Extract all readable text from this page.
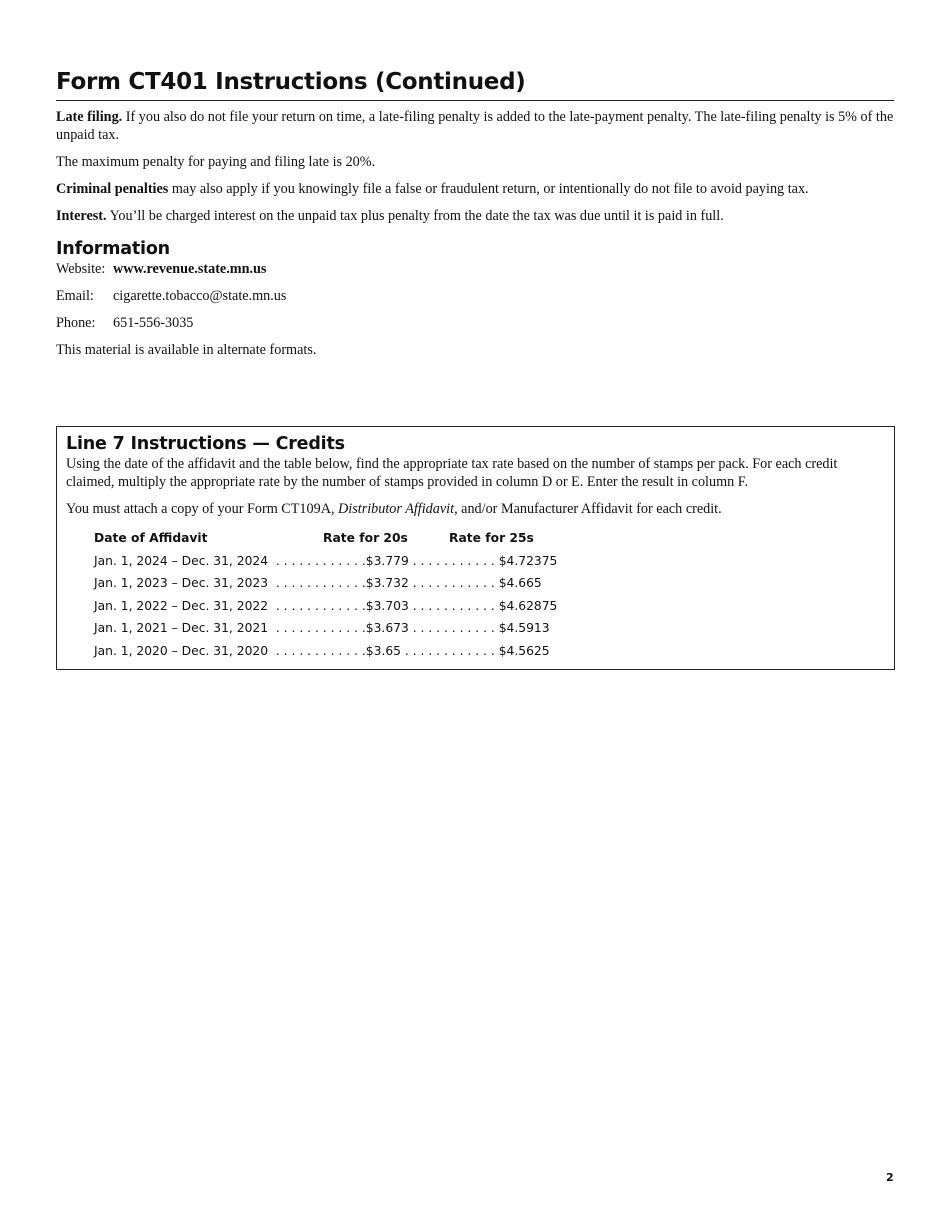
Form CT401 Instructions (Continued)

Late filing. If you also do not file your return on time, a late-filing penalty is added to the late-payment penalty. The late-filing penalty is 5% of the unpaid tax.

The maximum penalty for paying and filing late is 20%.

Criminal penalties may also apply if you knowingly file a false or fraudulent return, or intentionally do not file to avoid paying tax.

Interest. You’ll be charged interest on the unpaid tax plus penalty from the date the tax was due until it is paid in full.

Information
Website: www.revenue.state.mn.us
Email:	cigarette.tobacco@state.mn.us
Phone:	651-556-3035

This material is available in alternate formats.

Line 7 Instructions — Credits

Using the date of the affidavit and the table below, find the appropriate tax rate based on the number of stamps per pack. For each credit claimed, multiply the appropriate rate by the number of stamps provided in column D or E. Enter the result in column F.

You must attach a copy of your Form CT109A, Distributor Affidavit, and/or Manufacturer Affidavit for each credit.

Date of Affidavit	Rate for 20s	Rate for 25s
Jan. 1, 2024 – Dec. 31, 2024  . . . . . . . . . . . .$3.779 . . . . . . . . . . . $4.72375
Jan. 1, 2023 – Dec. 31, 2023  . . . . . . . . . . . .$3.732 . . . . . . . . . . . $4.665
Jan. 1, 2022 – Dec. 31, 2022  . . . . . . . . . . . .$3.703 . . . . . . . . . . . $4.62875
Jan. 1, 2021 – Dec. 31, 2021  . . . . . . . . . . . .$3.673 . . . . . . . . . . . $4.5913
Jan. 1, 2020 – Dec. 31, 2020  . . . . . . . . . . . .$3.65 . . . . . . . . . . . . $4.5625
2
